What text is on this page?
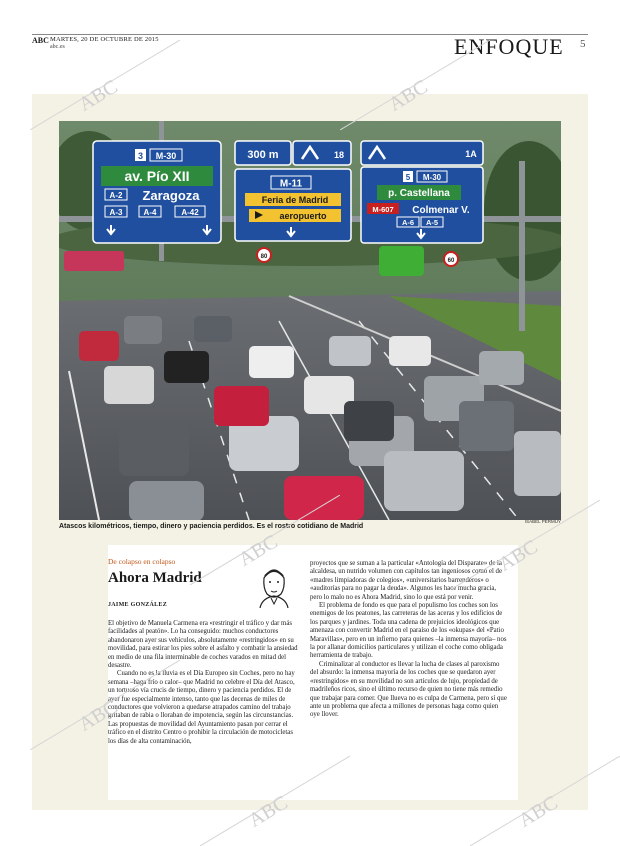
ABC MARTES, 20 DE OCTUBRE DE 2015
abc.es	ENFOQUE 5
3 M-30
av. Pío XII
A-2 Zaragoza
A-3	A-4	A-42
300 m	18
M-11
Feria de Madrid
aeropuerto
1A
5 M-30
p. Castellana
M-607 Colmenar V.
A-6 A-5
80
60
Atascos kilométricos, tiempo, dinero y paciencia perdidos. Es el rostro cotidiano de Madrid
ISABEL PERMUY
De colapso en colapso
Ahora Madrid
JAIME GONZÁLEZ

El objetivo de Manuela Carmena era «restringir el tráfico y dar más facilidades al peatón». Lo ha conseguido: muchos conductores abandonaron ayer sus vehículos, absolutamente «restringidos» en su movilidad, para estirar los pies sobre el asfalto y combatir la ansiedad en medio de una fila interminable de coches varados en mitad del desastre.

Cuando no es la lluvia es el Día Europeo sin Coches, pero no hay semana –haga frío o calor– que Madrid no celebre el Día del Atasco, un tortuoso vía crucis de tiempo, dinero y paciencia perdidos. El de ayer fue especialmente intenso, tanto que las decenas de miles de conductores que volvieron a quedarse atrapados camino del trabajo gritaban de rabia o lloraban de impotencia, según las circunstancias. Las propuestas de movilidad del Ayuntamiento pasan por cerrar el tráfico en el distrito Centro o prohibir la circulación de motocicletas los días de alta contaminación,

proyectos que se suman a la particular «Antología del Disparate» de la alcaldesa, un nutrido volumen con capítulos tan ingeniosos como el de «madres limpiadoras de colegios», «universitarios barrenderos» o «auditorías para no pagar la deuda». Algunos les hace mucha gracia, pero lo malo no es Ahora Madrid, sino lo que está por venir.

El problema de fondo es que para el populismo los coches son los enemigos de los peatones, las carreteras de las aceras y los edificios de los parques y jardines. Toda una cadena de prejuicios ideológicos que amenaza con convertir Madrid en el paraíso de los «okupas» del «Patio Maravillas», pero en un infierno para quienes –la inmensa mayoría– nos la por allanar domicilios particulares y utilizan el coche como obligada herramienta de trabajo.

Criminalizar al conductor es llevar la lucha de clases al paroxismo del absurdo: la inmensa mayoría de los coches que se quedaron ayer «restringidos» en su movilidad no son artículos de lujo, propiedad de madrileños ricos, sino el último recurso de quien no tiene más remedio que trabajar para comer. Que llueva no es culpa de Carmena, pero sí que ante un problema que afecta a millones de personas haga como quien oye llover.

ABC	ABC
ABC	ABC
ABC
ABC	ABC
